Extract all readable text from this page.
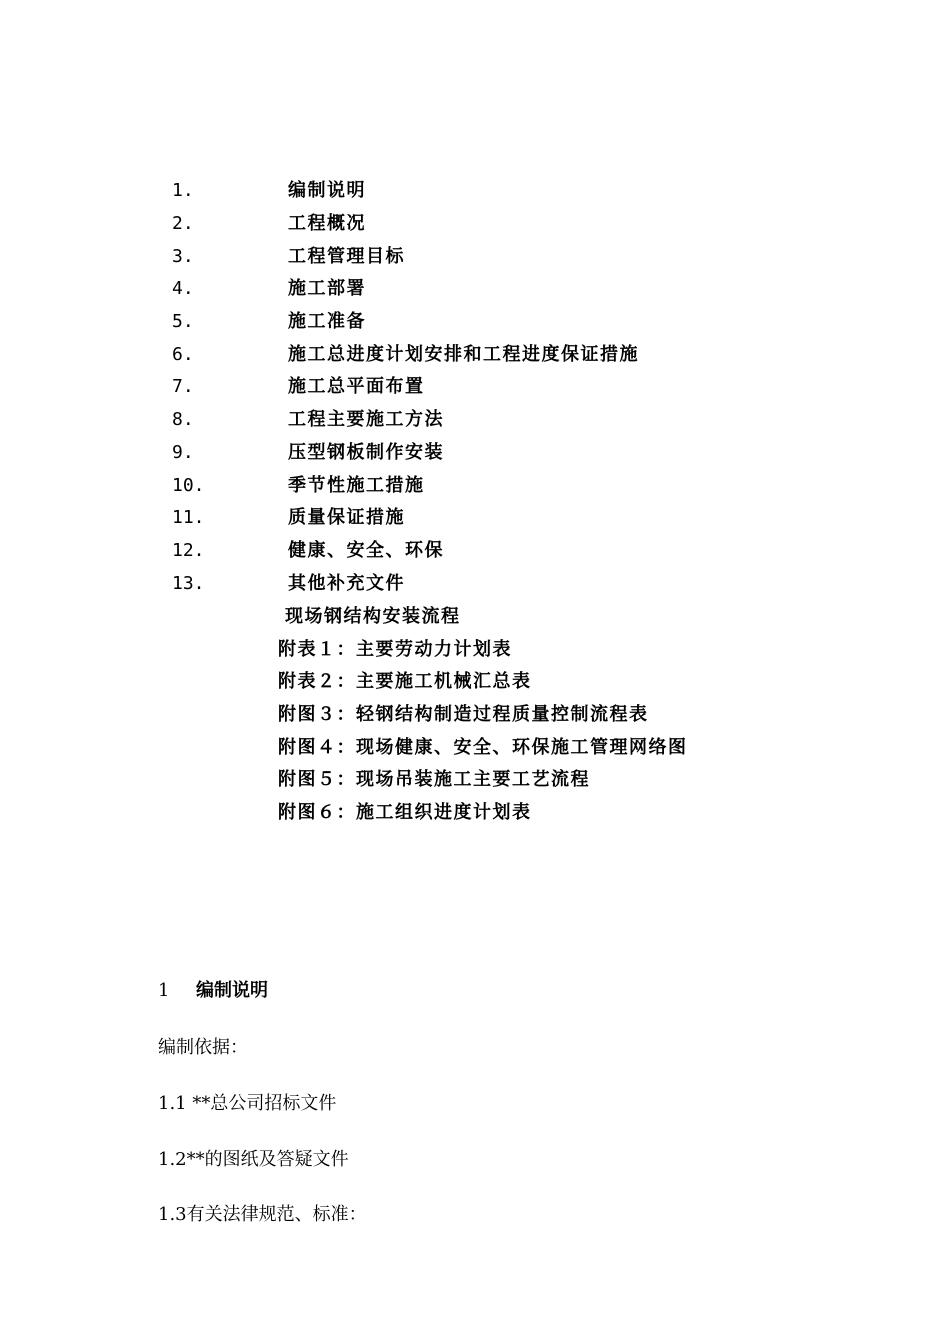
1.	编制说明
2.	工程概况
3.	工程管理目标
4.	施工部署
5.	施工准备
6.	施工总进度计划安排和工程进度保证措施
7.	施工总平面布置
8.	工程主要施工方法
9.	压型钢板制作安装
10.	季节性施工措施
11.	质量保证措施
12.	健康、安全、环保
13.	其他补充文件
现场钢结构安装流程
附表１：主要劳动力计划表
附表２：主要施工机械汇总表
附图３：轻钢结构制造过程质量控制流程表
附图４：现场健康、安全、环保施工管理网络图
附图５：现场吊装施工主要工艺流程
附图６：施工组织进度计划表
1 编制说明
编制依据：
1.1 **总公司招标文件
1.2**的图纸及答疑文件
1.3有关法律规范、标准：
